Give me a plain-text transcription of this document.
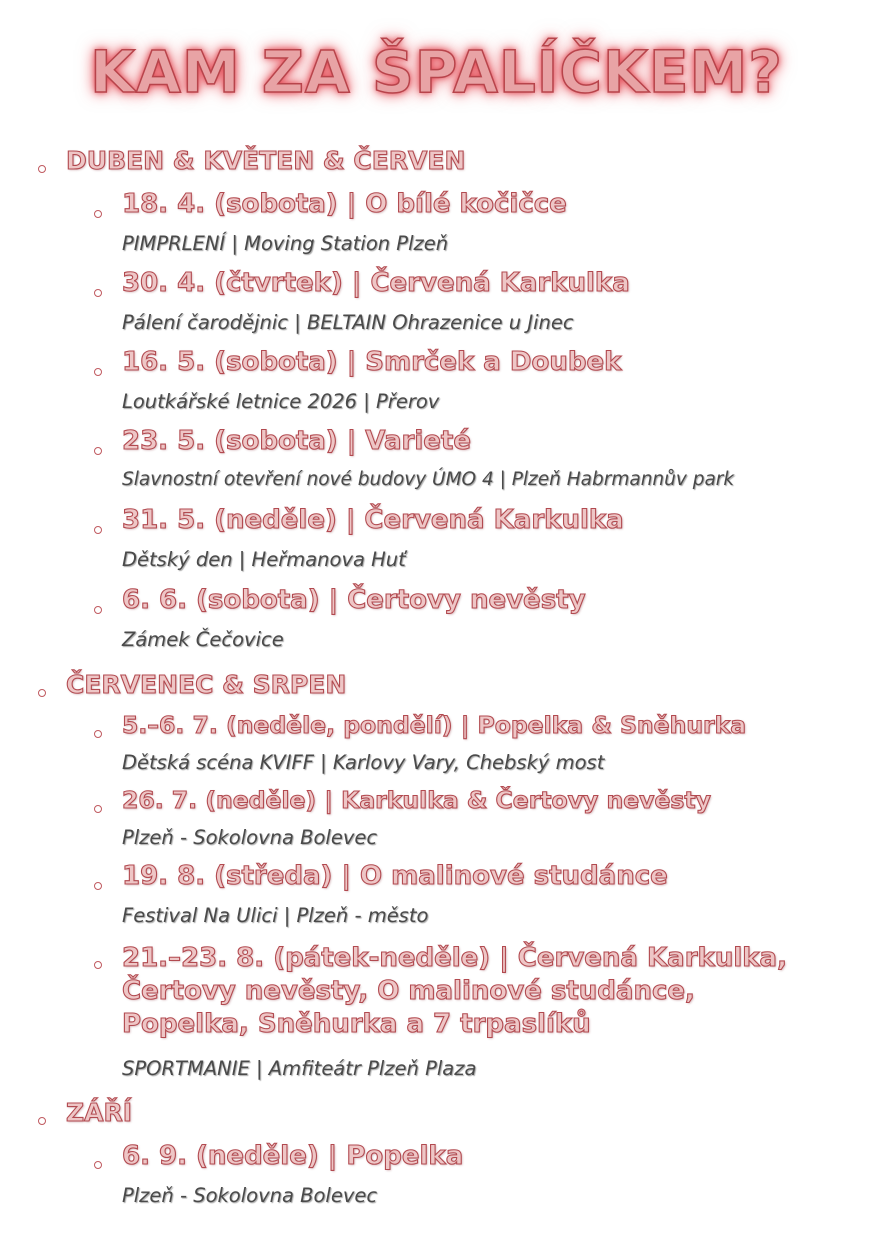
KAM ZA ŠPALÍČKEM?
DUBEN & KVĚTEN & ČERVEN
18. 4. (sobota) | O bílé kočičce
PIMPRLENÍ | Moving Station Plzeň
30. 4. (čtvrtek) | Červená Karkulka
Pálení čarodějnic | BELTAIN Ohrazenice u Jinec
16. 5. (sobota) | Smrček a Doubek
Loutkářské letnice 2026 | Přerov
23. 5. (sobota) | Varieté
Slavnostní otevření nové budovy ÚMO 4 | Plzeň Habrmannův park
31. 5. (neděle) | Červená Karkulka
Dětský den | Heřmanova Huť
6. 6. (sobota) | Čertovy nevěsty
Zámek Čečovice
ČERVENEC & SRPEN
5.–6. 7. (neděle, pondělí) | Popelka & Sněhurka
Dětská scéna KVIFF | Karlovy Vary, Chebský most
26. 7. (neděle) | Karkulka & Čertovy nevěsty
Plzeň - Sokolovna Bolevec
19. 8. (středa) | O malinové studánce
Festival Na Ulici | Plzeň - město
21.–23. 8. (pátek-neděle) | Červená Karkulka, Čertovy nevěsty, O malinové studánce, Popelka, Sněhurka a 7 trpaslíků
SPORTMANIE | Amfiteátr Plzeň Plaza
ZÁŘÍ
6. 9. (neděle) | Popelka
Plzeň - Sokolovna Bolevec
